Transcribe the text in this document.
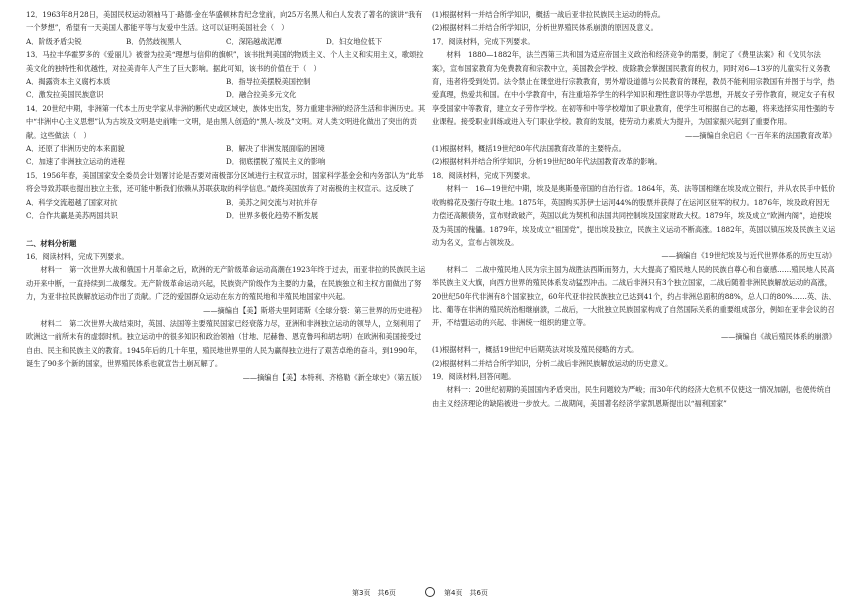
12．1963年8月28日，美国民权运动领袖马丁·路德·金在华盛顿林肯纪念堂前，向25万名黑人和白人发表了著名的演讲“我有一个梦想”，希望有一天美国人都能平等与友爱中生活。这可以证明美国社会（　）

A．阶级矛盾尖锐	B．仍然歧视黑人	C．深陷越战泥潭	D．妇女地位低下

13．马拉丰华霍罗多的《爱丽儿》被誉为拉美“理想与信仰的旗帜”，该书批判美国的物质主义、个人主义和实用主义，歌颂拉美文化的独特性和优越性，对拉美青年人产生了巨大影响。据此可知，该书的价值在于（　）

A．揭露资本主义腐朽本质	B．指导拉美摆脱美国控制
C．激发拉美国民族意识	D．融合拉美多元文化

14．20世纪中期，非洲第一代本土历史学家从非洲的断代史或区域史，族体史出发，努力重建非洲的经济生活和非洲历史。其中“非洲中心主义思想”认为古埃及文明是史前唯一文明，是由黑人创造的“黑人-埃及”文明。对人类文明进化做出了突出的贡献。这些做法（　）

A．还原了非洲历史的本来面貌	B．解决了非洲发展面临的困境
C．加速了非洲独立运动的进程	D．彻底摆脱了殖民主义的影响

15．1956年春，美国国家安全委员会计划署讨论是否要对南极部分区域进行主权宣示时，国家科学基金会和内务部认为“此举将会导致苏联也提出独立主张，还可能中断我们依赖从苏联获取的科学信息。”最终美国放弃了对南极的主权宣示。这反映了

A．科学交流超越了国家对抗	B．美苏之间交流与对抗并存
C．合作共赢是美苏两国共识	D．世界多极化趋势不断发展

二、材料分析题

16．阅读材料，完成下列要求。

材料一　第一次世界大战和俄国十月革命之后，欧洲的无产阶级革命运动高潮在1923年终于过去，而亚非拉的民族民主运动开来中断，一直持续到二战爆发。无产阶级革命运动兴起，民族资产阶级作为主要的力量，在民族独立和主权方面做出了努力，为亚非拉民族解放运动作出了贡献。广泛的爱国群众运动在东方的殖民地和半殖民地国家中兴起。

——摘编自【美】斯塔夫里阿诺斯《全球分裂：第三世界的历史进程》

材料二　第二次世界大战结束时，英国、法国等主要殖民国家已经衰落力尽，亚洲和非洲独立运动的领导人，立刻利用了欧洲这一前所未有的虚弱时机。独立运动中的很多知识和政治领袖（甘地、尼赫鲁、恩克鲁玛和胡志明）在欧洲和美国接受过自由、民主和民族主义的教育。1945年后的几十年里，殖民地世界里的人民为赢得独立进行了艰苦卓绝的奋斗，到1990年，诞生了90多个新的国家，世界殖民体系也就宣告土崩瓦解了。

——摘编自【美】本特利、齐格勒《新全球史》（第五版）

(1)根据材料一并结合所学知识，概括一战后亚非拉民族民主运动的特点。

(2)根据材料二并结合所学知识，分析世界殖民体系崩溃的原因及意义。

17．阅读材料，完成下列要求。

材料　1880—1882年，法兰西第三共和国为适应帝国主义政治和经济竞争的需要，制定了《费里法案》和《戈贝尔法案》，宣布国家教育为免费教育和宗教中立，美国教会学校、废除教会掌握国民教育的权力，同时对6—13岁的儿童实行义务教育，违者将受到处罚。法令禁止在课堂进行宗教教育，男外增设道德与公民教育的课程，教员不能利用宗教国有并图于与学，热爱真理，热爱共和国。在中小学教育中，有注重培养学生的科学知识和理性意识等办学思想，开展女子劳作教育，规定女子有权享受国家中等教育，建立女子劳作学校。在初等和中等学校增加了职业教育，使学生可根据自己的志趣，将来选择实用性强的专业课程。接受职业训练或进入专门职业学校。教育的发展，使劳动力素质大为提升，为国家振兴起到了重要作用。

——摘编自余启启《一百年来的法国教育改革》

(1)根据材料，概括19世纪80年代法国教育改革的主要特点。

(2)根据材料并结合所学知识，分析19世纪80年代法国教育改革的影响。

18．阅读材料，完成下列要求。

材料一　16—19世纪中期，埃及是奥斯曼帝国的自治行省。1864年，英、法等国相继在埃及成立银行，并从农民手中低价收购棉花及强行夺取土地。1875年，英国购买苏伊士运河44%的股票并获得了在运河区驻军的权力。1876年，埃及政府因无力偿还高额债务，宣布财政破产，英国以此为契机和法国共同控制埃及国家财政大权。1879年，埃及成立“欧洲内阁”，迫使埃及为英国的傀儡。1879年，埃及成立“祖国党”，提出埃及独立，民族主义运动不断高涨。1882年，英国以镇压埃及民族主义运动为名义，宣布占领埃及。

——摘编自《19世纪埃及与近代世界体系的历史互动》

材料二　二战中殖民地人民为宗主国为战胜法西斯而努力，大大提高了殖民地人民的民族自尊心和自豪感……殖民地人民高举民族主义大旗，向西方世界的殖民体系发动猛烈冲击。二战后非洲只有3个独立国家，二战后随着非洲民族解放运动的高涨，20世纪50年代非洲有8个国家独立，60年代亚非拉民族独立已达到41个，约占非洲总面积的88%，总人口的80%……英、法、比、葡等在非洲的殖民统治相继崩溃，二战后，一大批独立民族国家构成了自然国际关系的重要组成部分，例如在亚非会议的召开，不结盟运动的兴起、非洲统一组织的建立等。

——摘编自《战后殖民体系的崩溃》

(1)根据材料一，概括19世纪中后期英法对埃及殖民侵略的方式。

(2)根据材料二并结合所学知识，分析二战后非洲民族解放运动的历史意义。

19．阅读材料,回答问题。

材料一：20世纪初期的美国国内矛盾突出，民生问题较为严峻；而30年代的经济大危机不仅使这一情况加剧，也使传统自由主义经济理论的缺陷被进一步放大。二战期间，美国著名经济学家凯恩斯提出以“福利国家”

第3页　共6页	第4页　共6页
